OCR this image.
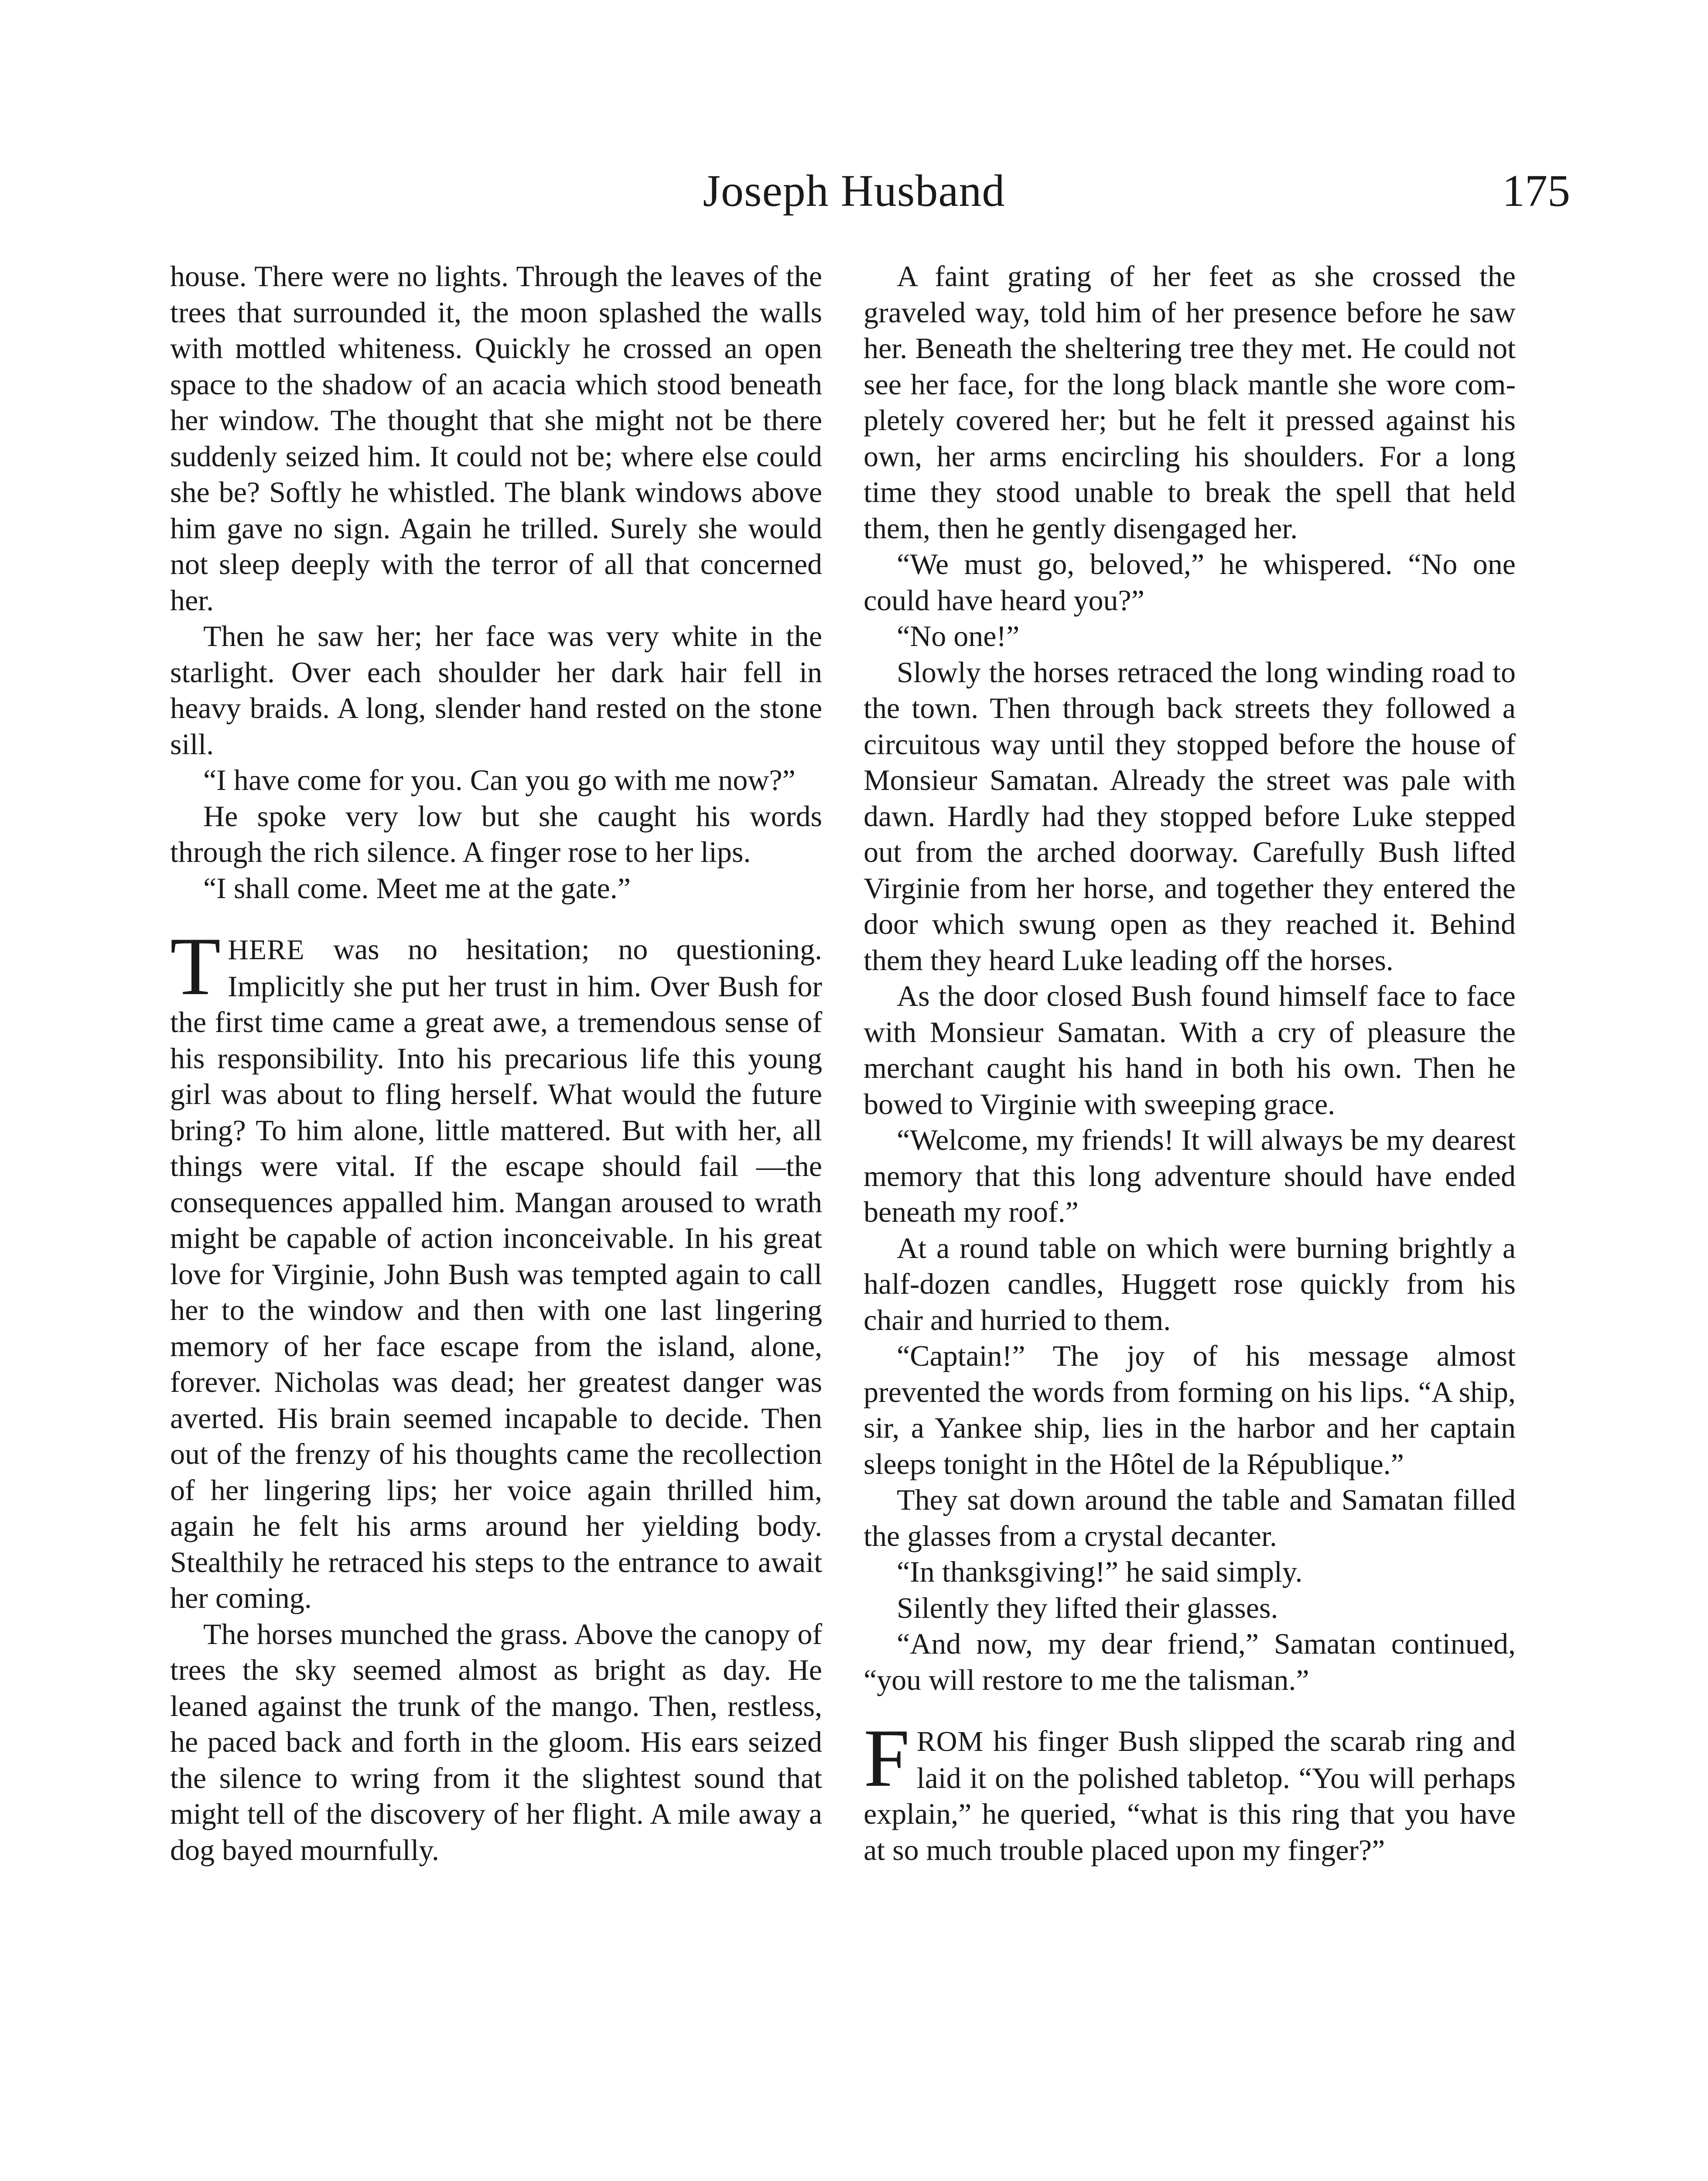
Joseph Husband	175

house. There were no lights. Through the leaves of the trees that surrounded it, the moon splashed the walls with mottled whiteness. Quickly he crossed an open space to the shadow of an acacia which stood beneath her window. The thought that she might not be there suddenly seized him. It could not be; where else could she be? Softly he whistled. The blank windows above him gave no sign. Again he trilled. Surely she would not sleep deeply with the terror of all that concerned her.

Then he saw her; her face was very white in the starlight. Over each shoulder her dark hair fell in heavy braids. A long, slender hand rested on the stone sill.

“I have come for you. Can you go with me now?”

He spoke very low but she caught his words through the rich silence. A finger rose to her lips.

“I shall come. Meet me at the gate.”

THERE was no hesitation; no questioning. Implicitly she put her trust in him. Over Bush for the first time came a great awe, a tremendous sense of his responsibility. Into his precarious life this young girl was about to fling herself. What would the future bring? To him alone, little mattered. But with her, all things were vital. If the escape should fail —the consequences appalled him. Mangan aroused to wrath might be capable of action inconceivable. In his great love for Virginie, John Bush was tempted again to call her to the window and then with one last lingering memory of her face escape from the island, alone, forever. Nicholas was dead; her greatest danger was averted. His brain seemed incapable to decide. Then out of the frenzy of his thoughts came the recollection of her lingering lips; her voice again thrilled him, again he felt his arms around her yielding body. Stealthily he retraced his steps to the entrance to await her coming.

The horses munched the grass. Above the canopy of trees the sky seemed almost as bright as day. He leaned against the trunk of the mango. Then, restless, he paced back and forth in the gloom. His ears seized the silence to wring from it the slightest sound that might tell of the discovery of her flight. A mile away a dog bayed mournfully.

A faint grating of her feet as she crossed the graveled way, told him of her presence before he saw her. Beneath the sheltering tree they met. He could not see her face, for the long black mantle she wore completely covered her; but he felt it pressed against his own, her arms encircling his shoulders. For a long time they stood unable to break the spell that held them, then he gently disengaged her.

“We must go, beloved,” he whispered. “No one could have heard you?”

“No one!”

Slowly the horses retraced the long winding road to the town. Then through back streets they followed a circuitous way until they stopped before the house of Monsieur Samatan. Already the street was pale with dawn. Hardly had they stopped before Luke stepped out from the arched doorway. Carefully Bush lifted Virginie from her horse, and together they entered the door which swung open as they reached it. Behind them they heard Luke leading off the horses.

As the door closed Bush found himself face to face with Monsieur Samatan. With a cry of pleasure the merchant caught his hand in both his own. Then he bowed to Virginie with sweeping grace.

“Welcome, my friends! It will always be my dearest memory that this long adventure should have ended beneath my roof.”

At a round table on which were burning brightly a half-dozen candles, Huggett rose quickly from his chair and hurried to them.

“Captain!” The joy of his message almost prevented the words from forming on his lips. “A ship, sir, a Yankee ship, lies in the harbor and her captain sleeps tonight in the Hôtel de la République.”

They sat down around the table and Samatan filled the glasses from a crystal decanter.

“In thanksgiving!” he said simply.

Silently they lifted their glasses.

“And now, my dear friend,” Samatan continued, “you will restore to me the talisman.”

FROM his finger Bush slipped the scarab ring and laid it on the polished tabletop. “You will perhaps explain,” he queried, “what is this ring that you have at so much trouble placed upon my finger?”
